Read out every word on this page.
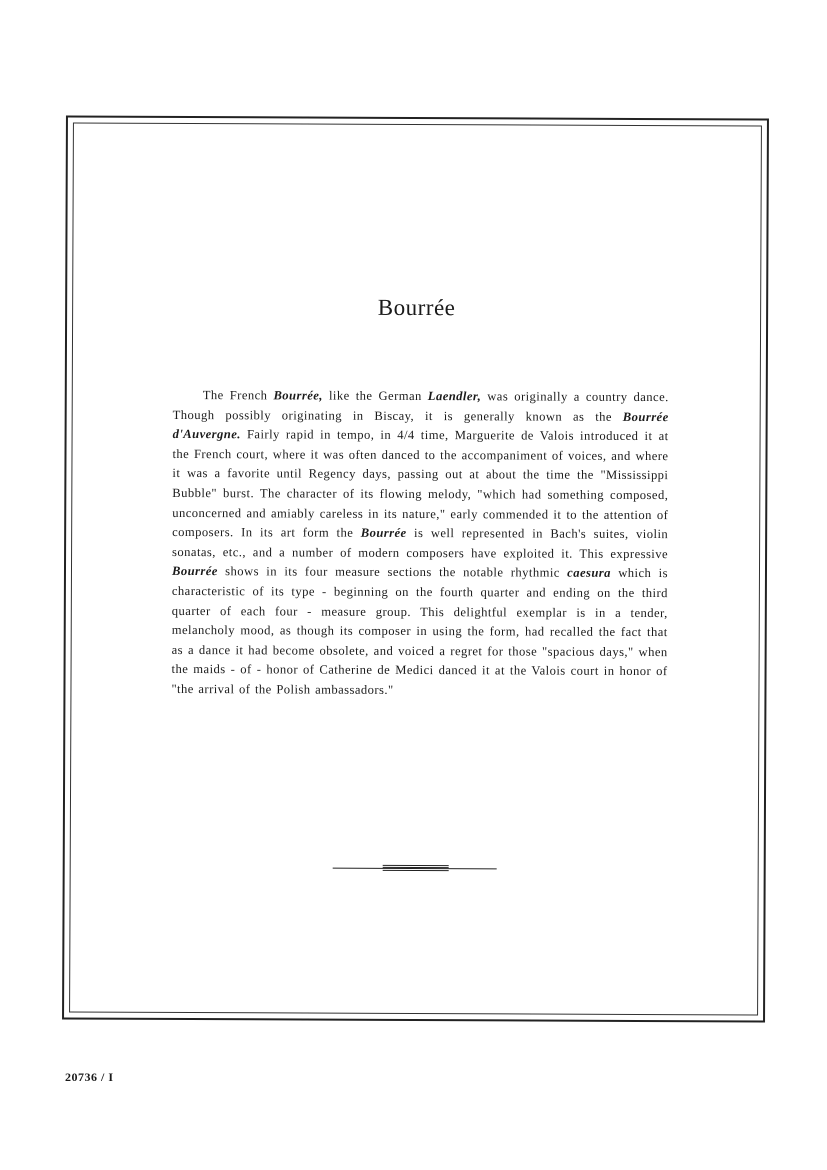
Bourrée

The French Bourrée, like the German Laendler, was originally a country dance. Though possibly originating in Biscay, it is generally known as the Bourrée d'Auvergne. Fairly rapid in tempo, in 4/4 time, Marguerite de Valois introduced it at the French court, where it was often danced to the accompaniment of voices, and where it was a favorite until Regency days, passing out at about the time the "Mississippi Bubble" burst. The character of its flowing melody, "which had something composed, unconcerned and amiably careless in its nature," early commended it to the attention of composers. In its art form the Bourrée is well represented in Bach's suites, violin sonatas, etc., and a number of modern composers have exploited it. This expressive Bourrée shows in its four measure sections the notable rhythmic caesura which is characteristic of its type - beginning on the fourth quarter and ending on the third quarter of each four - measure group. This delightful exemplar is in a tender, melancholy mood, as though its composer in using the form, had recalled the fact that as a dance it had become obsolete, and voiced a regret for those "spacious days," when the maids - of - honor of Catherine de Medici danced it at the Valois court in honor of "the arrival of the Polish ambassadors."

20736 / I
